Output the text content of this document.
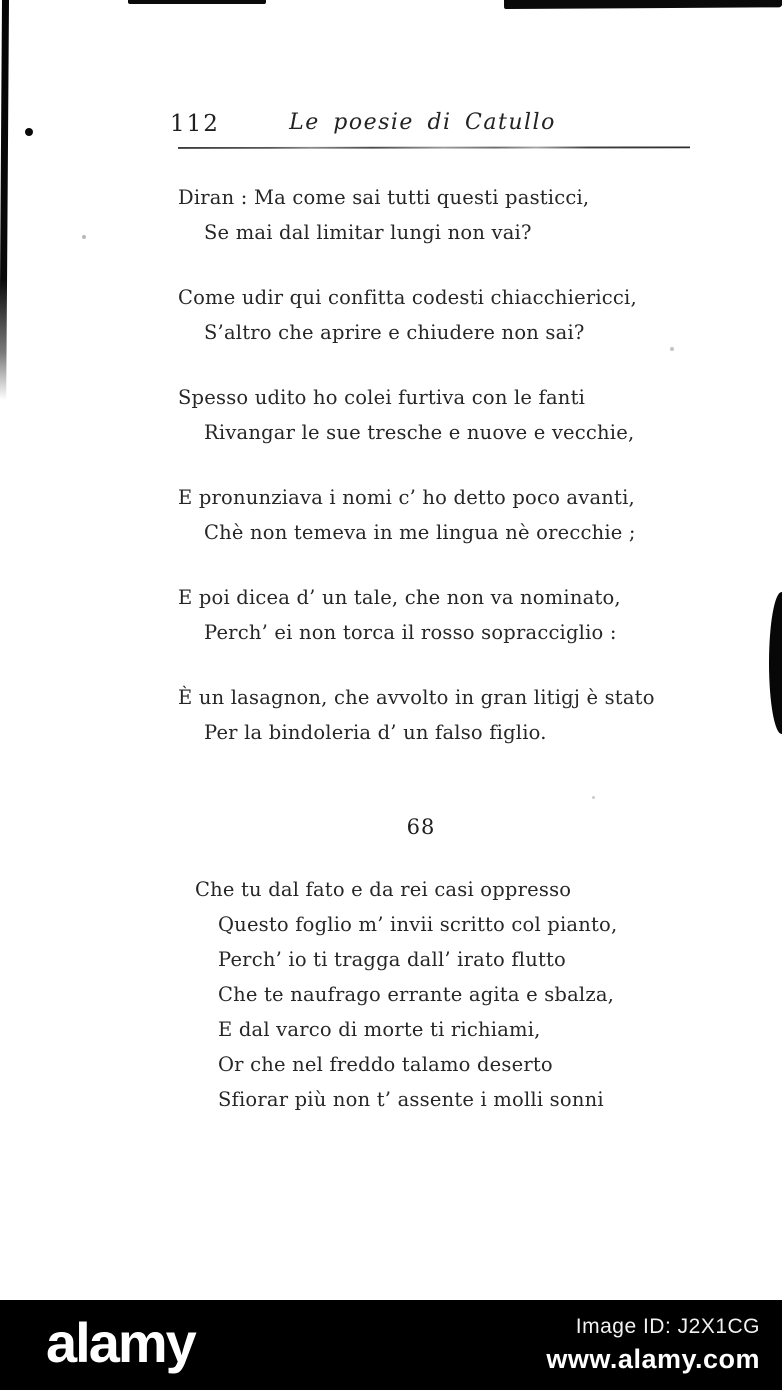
112	Le poesie di Catullo
Diran : Ma come sai tutti questi pasticci,
Se mai dal limitar lungi non vai?
Come udir qui confitta codesti chiacchiericci,
S’altro che aprire e chiudere non sai?
Spesso udito ho colei furtiva con le fanti
Rivangar le sue tresche e nuove e vecchie,
E pronunziava i nomi c’ ho detto poco avanti,
Chè non temeva in me lingua nè orecchie ;
E poi dicea d’ un tale, che non va nominato,
Perch’ ei non torca il rosso sopracciglio :
È un lasagnon, che avvolto in gran litigj è stato
Per la bindoleria d’ un falso figlio.
68
Che tu dal fato e da rei casi oppresso
Questo foglio m’ invii scritto col pianto,
Perch’ io ti tragga dall’ irato flutto
Che te naufrago errante agita e sbalza,
E dal varco di morte ti richiami,
Or che nel freddo talamo deserto
Sfiorar più non t’ assente i molli sonni
alamy	Image ID: J2X1CG
www.alamy.com
